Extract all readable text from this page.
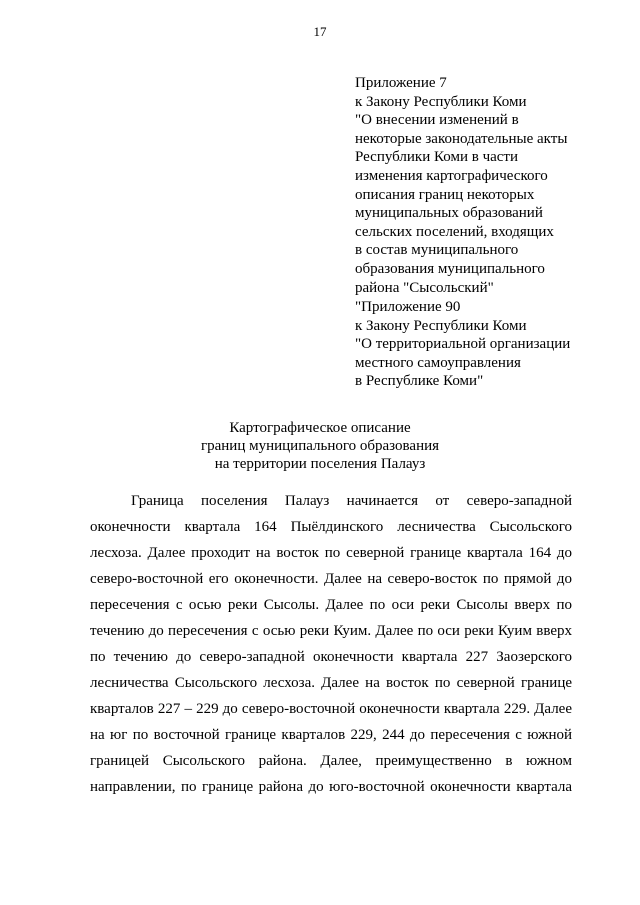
17
Приложение 7
к Закону Республики Коми
"О внесении изменений в
некоторые законодательные акты
Республики Коми в части
изменения картографического
описания границ некоторых
муниципальных образований
сельских поселений, входящих
в состав муниципального
образования муниципального
района "Сысольский"
"Приложение 90
к Закону Республики Коми
"О территориальной организации
местного самоуправления
в Республике Коми"
Картографическое описание
границ муниципального образования
на территории поселения Палауз
Граница поселения Палауз начинается от северо-западной
оконечности квартала 164 Пыёлдинского лесничества Сысольского
лесхоза. Далее проходит на восток по северной границе квартала 164 до
северо-восточной его оконечности. Далее на северо-восток по прямой до
пересечения с осью реки Сысолы. Далее по оси реки Сысолы вверх по
течению до пересечения с осью реки Куим. Далее по оси реки Куим вверх
по течению до северо-западной оконечности квартала 227 Заозерского
лесничества Сысольского лесхоза. Далее на восток по северной границе
кварталов 227 – 229 до северо-восточной оконечности квартала 229. Далее
на юг по восточной границе кварталов 229, 244 до пересечения с южной
границей Сысольского района. Далее, преимущественно в южном
направлении, по границе района до юго-восточной оконечности квартала
